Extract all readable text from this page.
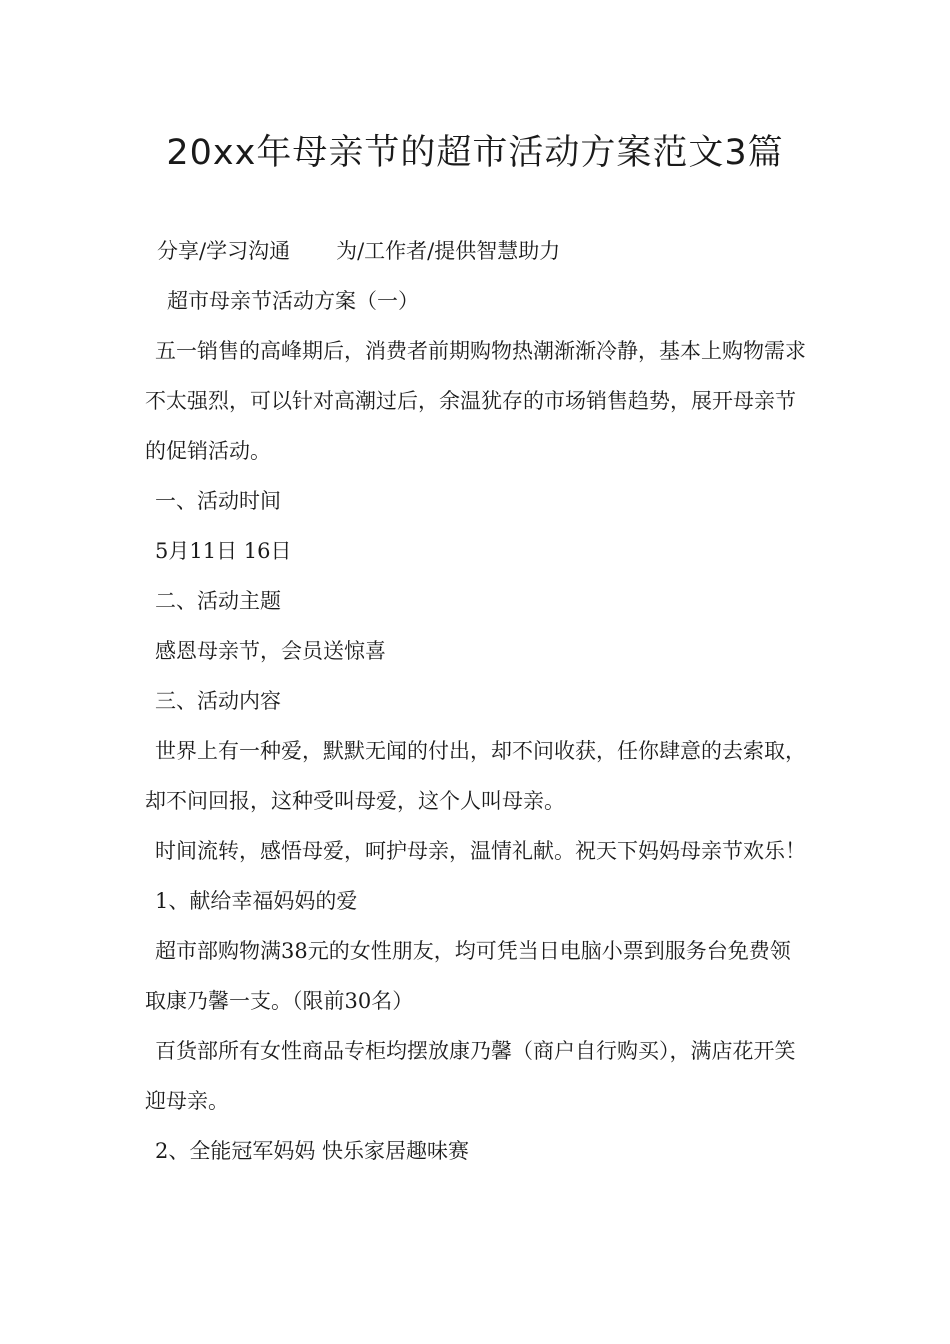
20xx年母亲节的超市活动方案范文3篇

分享/学习沟通 为/工作者/提供智慧助力

超市母亲节活动方案（一）

五一销售的高峰期后，消费者前期购物热潮渐渐冷静，基本上购物需求不太强烈，可以针对高潮过后，余温犹存的市场销售趋势，展开母亲节的促销活动。

一、活动时间

5月11日 16日

二、活动主题

感恩母亲节，会员送惊喜

三、活动内容

世界上有一种爱，默默无闻的付出，却不问收获，任你肆意的去索取，却不问回报，这种受叫母爱，这个人叫母亲。

时间流转，感悟母爱，呵护母亲，温情礼献。祝天下妈妈母亲节欢乐！

1、献给幸福妈妈的爱

超市部购物满38元的女性朋友，均可凭当日电脑小票到服务台免费领取康乃馨一支。（限前30名）

百货部所有女性商品专柜均摆放康乃馨（商户自行购买），满店花开笑迎母亲。

2、全能冠军妈妈 快乐家居趣味赛
